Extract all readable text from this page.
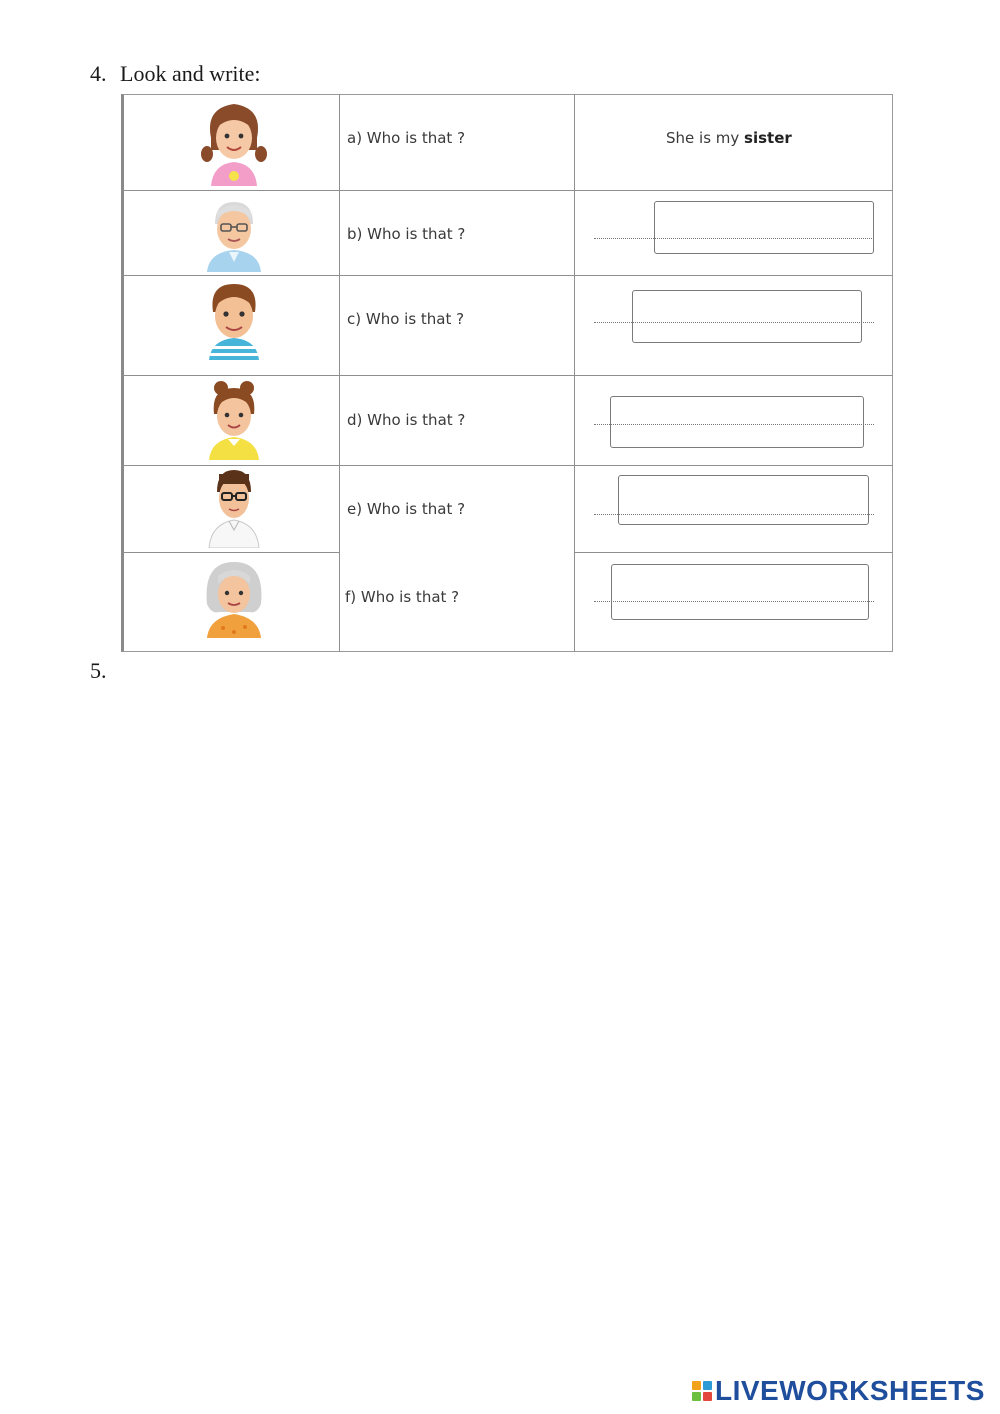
4. Look and write:
a) Who is that ?	She is my sister
b) Who is that ?
c) Who is that ?
d) Who is that ?
e) Who is that ?
f) Who is that ?
5.
LIVEWORKSHEETS
